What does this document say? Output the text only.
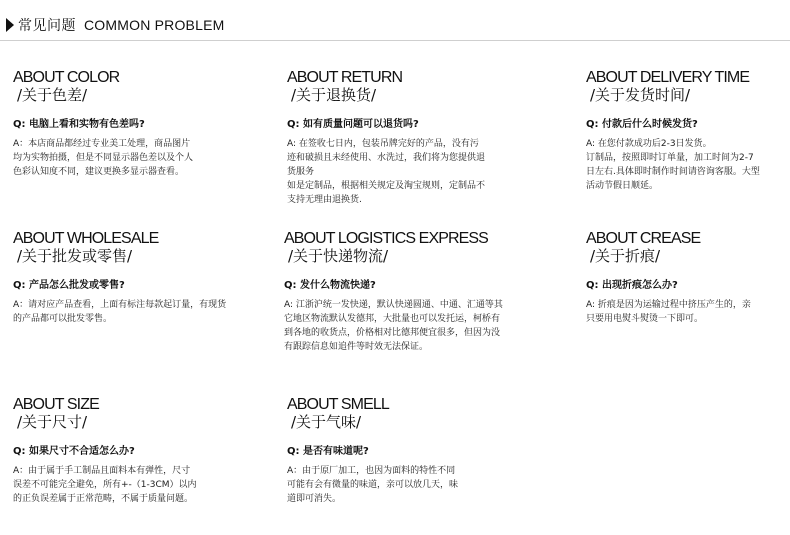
常见问题 COMMON PROBLEM
ABOUT COLOR
/关于色差/
Q: 电脑上看和实物有色差吗?
A：本店商品都经过专业美工处理，商品图片
均为实物拍摄，但是不同显示器色差以及个人
色彩认知度不同，建议更换多显示器查看。
ABOUT RETURN
/关于退换货/
Q: 如有质量问题可以退货吗?
A: 在签收七日内，包装吊牌完好的产品，没有污
迹和破损且未经使用、水洗过，我们将为您提供退
货服务
如是定制品，根据相关规定及淘宝规则，定制品不
支持无理由退换货.
ABOUT DELIVERY TIME
/关于发货时间/
Q: 付款后什么时候发货?
A: 在您付款成功后2-3日发货。
订制品，按照即时订单量，加工时间为2-7
日左右.具体即时制作时间请咨询客服。大型
活动节假日顺延。
ABOUT WHOLESALE
/关于批发或零售/
Q: 产品怎么批发或零售?
A：请对应产品查看，上面有标注每款起订量，有现货
的产品都可以批发零售。
ABOUT LOGISTICS EXPRESS
/关于快递物流/
Q: 发什么物流快递?
A: 江浙沪统一发快递，默认快递圆通、中通、汇通等其
它地区物流默认发德邦，大批量也可以发托运，柯桥有
到各地的收货点，价格相对比德邦便宜很多，但因为没
有跟踪信息如追件等时效无法保证。
ABOUT CREASE
/关于折痕/
Q: 出现折痕怎么办?
A: 折痕是因为运输过程中挤压产生的，亲
只要用电熨斗熨烫一下即可。
ABOUT SIZE
/关于尺寸/
Q: 如果尺寸不合适怎么办?
A：由于属于手工制品且面料本有弹性，尺寸
误差不可能完全避免，所有+-（1-3CM）以内
的正负误差属于正常范畴，不属于质量问题。
ABOUT SMELL
/关于气味/
Q: 是否有味道呢?
A：由于原厂加工，也因为面料的特性不同
可能有会有微量的味道，亲可以放几天，味
道即可消失。
